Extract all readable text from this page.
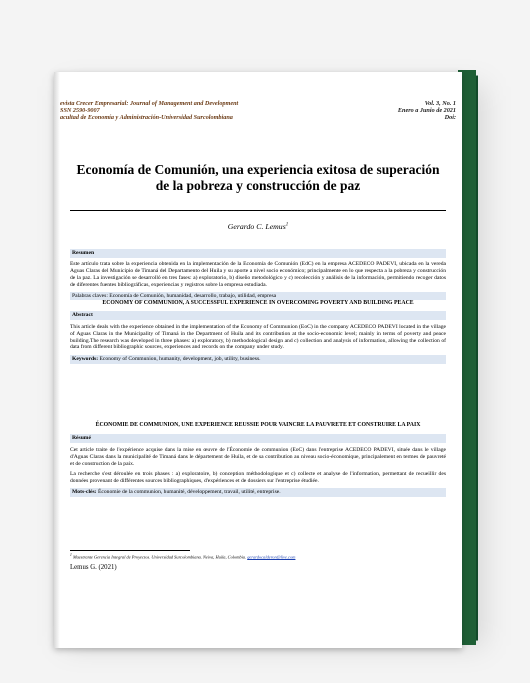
evista Crecer Empresarial: Journal of Management and Development
SSN 2590-9007
acultad de Economía y Administración-Universidad Surcolombiana
Vol. 3, No. 1
Enero a Junio de 2021
Doi:
Economía de Comunión, una experiencia exitosa de superación de la pobreza y construcción de paz
Gerardo C. Lemus$^1$
Resumen
Este artículo trata sobre la experiencia obtenida en la implementación de la Economía de Comunión (EdC) en la empresa ACEDECO PADEVI, ubicada en la vereda Aguas Claras del Municipio de Timaná del Departamento del Huila y su aporte a nivel socio económico; principalmente en lo que respecta a la pobreza y construcción de la paz. La investigación se desarrolló en tres fases: a) exploratorio, b) diseño metodológico y c) recolección y análisis de la información, permitiendo recoger datos de diferentes fuentes bibliográficas, experiencias y registros sobre la empresa estudiada.
Palabras claves: Economía de Comunión, humanidad, desarrollo, trabajo, utilidad, empresa
ECONOMY OF COMMUNION, A SUCCESSFUL EXPERIENCE IN OVERCOMING POVERTY AND BUILDING PEACE
Abstract
This article deals with the experience obtained in the implementation of the Economy of Communion (EoC) in the company ACEDECO PADEVI located in the village of Aguas Claras in the Municipality of Timaná in the Department of Huila and its contribution at the socio-economic level; mainly in terms of poverty and peace building.The research was developed in three phases: a) exploratory, b) methodological design and c) collection and analysis of information, allowing the collection of data from different bibliographic sources, experiences and records on the company under study.
Keywords: Economy of Communion, humanity, development, job, utility, business.
ÉCONOMIE DE COMMUNION, UNE EXPERIENCE REUSSIE POUR VAINCRE LA PAUVRETE ET CONSTRUIRE LA PAIX
Résumé
Cet article traite de l'expérience acquise dans la mise en œuvre de l'Économie de communion (EoC) dans l'entreprise ACEDECO PADEVI, située dans le village d'Aguas Claras dans la municipalité de Timaná dans le département de Huila, et de sa contribution au niveau socio-économique, principalement en termes de pauvreté et de construction de la paix.
La recherche s'est déroulée en trois phases : a) exploratoire, b) conception méthodologique et c) collecte et analyse de l'information, permettant de recueillir des données provenant de différentes sources bibliographiques, d'expériences et de dossiers sur l'entreprise étudiée.
Mots-clés: Économie de la communion, humanité, développement, travail, utilité, entreprise.
$^1$ Maestrante Gerencia Integral de Proyectos. Universidad Surcolombiana. Neiva, Huila, Colombia. gerardocalderon@live.com
Lemus G. (2021)
